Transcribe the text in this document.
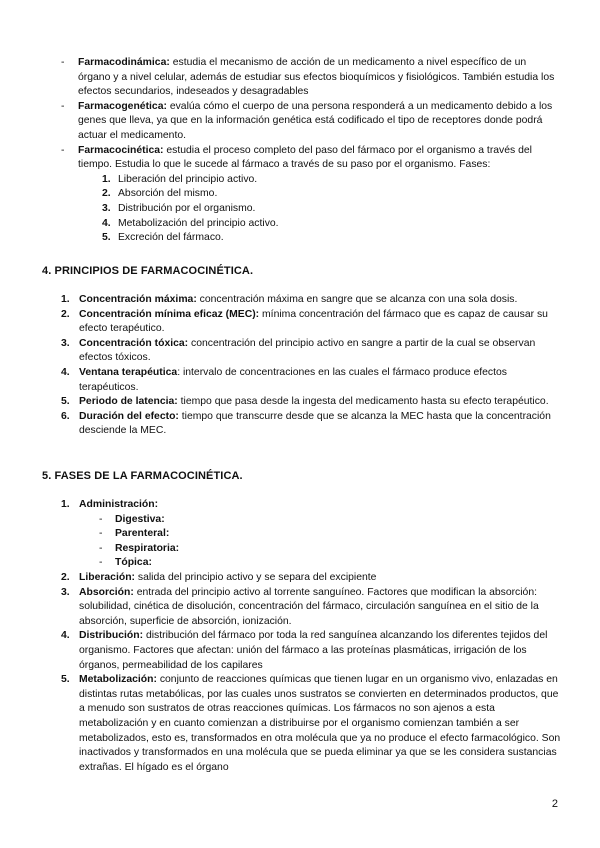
- Farmacodinámica: estudia el mecanismo de acción de un medicamento a nivel específico de un órgano y a nivel celular, además de estudiar sus efectos bioquímicos y fisiológicos. También estudia los efectos secundarios, indeseados y desagradables
- Farmacogenética: evalúa cómo el cuerpo de una persona responderá a un medicamento debido a los genes que lleva, ya que en la información genética está codificado el tipo de receptores donde podrá actuar el medicamento.
- Farmacocinética: estudia el proceso completo del paso del fármaco por el organismo a través del tiempo. Estudia lo que le sucede al fármaco a través de su paso por el organismo. Fases:
1. Liberación del principio activo.
2. Absorción del mismo.
3. Distribución por el organismo.
4. Metabolización del principio activo.
5. Excreción del fármaco.
4. PRINCIPIOS DE FARMACOCINÉTICA.
1. Concentración máxima: concentración máxima en sangre que se alcanza con una sola dosis.
2. Concentración mínima eficaz (MEC): mínima concentración del fármaco que es capaz de causar su efecto terapéutico.
3. Concentración tóxica: concentración del principio activo en sangre a partir de la cual se observan efectos tóxicos.
4. Ventana terapéutica: intervalo de concentraciones en las cuales el fármaco produce efectos terapéuticos.
5. Periodo de latencia: tiempo que pasa desde la ingesta del medicamento hasta su efecto terapéutico.
6. Duración del efecto: tiempo que transcurre desde que se alcanza la MEC hasta que la concentración desciende la MEC.
5. FASES DE LA FARMACOCINÉTICA.
1. Administración:
- Digestiva:
- Parenteral:
- Respiratoria:
- Tópica:
2. Liberación: salida del principio activo y se separa del excipiente
3. Absorción: entrada del principio activo al torrente sanguíneo. Factores que modifican la absorción: solubilidad, cinética de disolución, concentración del fármaco, circulación sanguínea en el sitio de la absorción, superficie de absorción, ionización.
4. Distribución: distribución del fármaco por toda la red sanguínea alcanzando los diferentes tejidos del organismo. Factores que afectan: unión del fármaco a las proteínas plasmáticas, irrigación de los órganos, permeabilidad de los capilares
5. Metabolización: conjunto de reacciones químicas que tienen lugar en un organismo vivo, enlazadas en distintas rutas metabólicas, por las cuales unos sustratos se convierten en determinados productos, que a menudo son sustratos de otras reacciones químicas. Los fármacos no son ajenos a esta metabolización y en cuanto comienzan a distribuirse por el organismo comienzan también a ser metabolizados, esto es, transformados en otra molécula que ya no produce el efecto farmacológico. Son inactivados y transformados en una molécula que se pueda eliminar ya que se les considera sustancias extrañas. El hígado es el órgano
2
